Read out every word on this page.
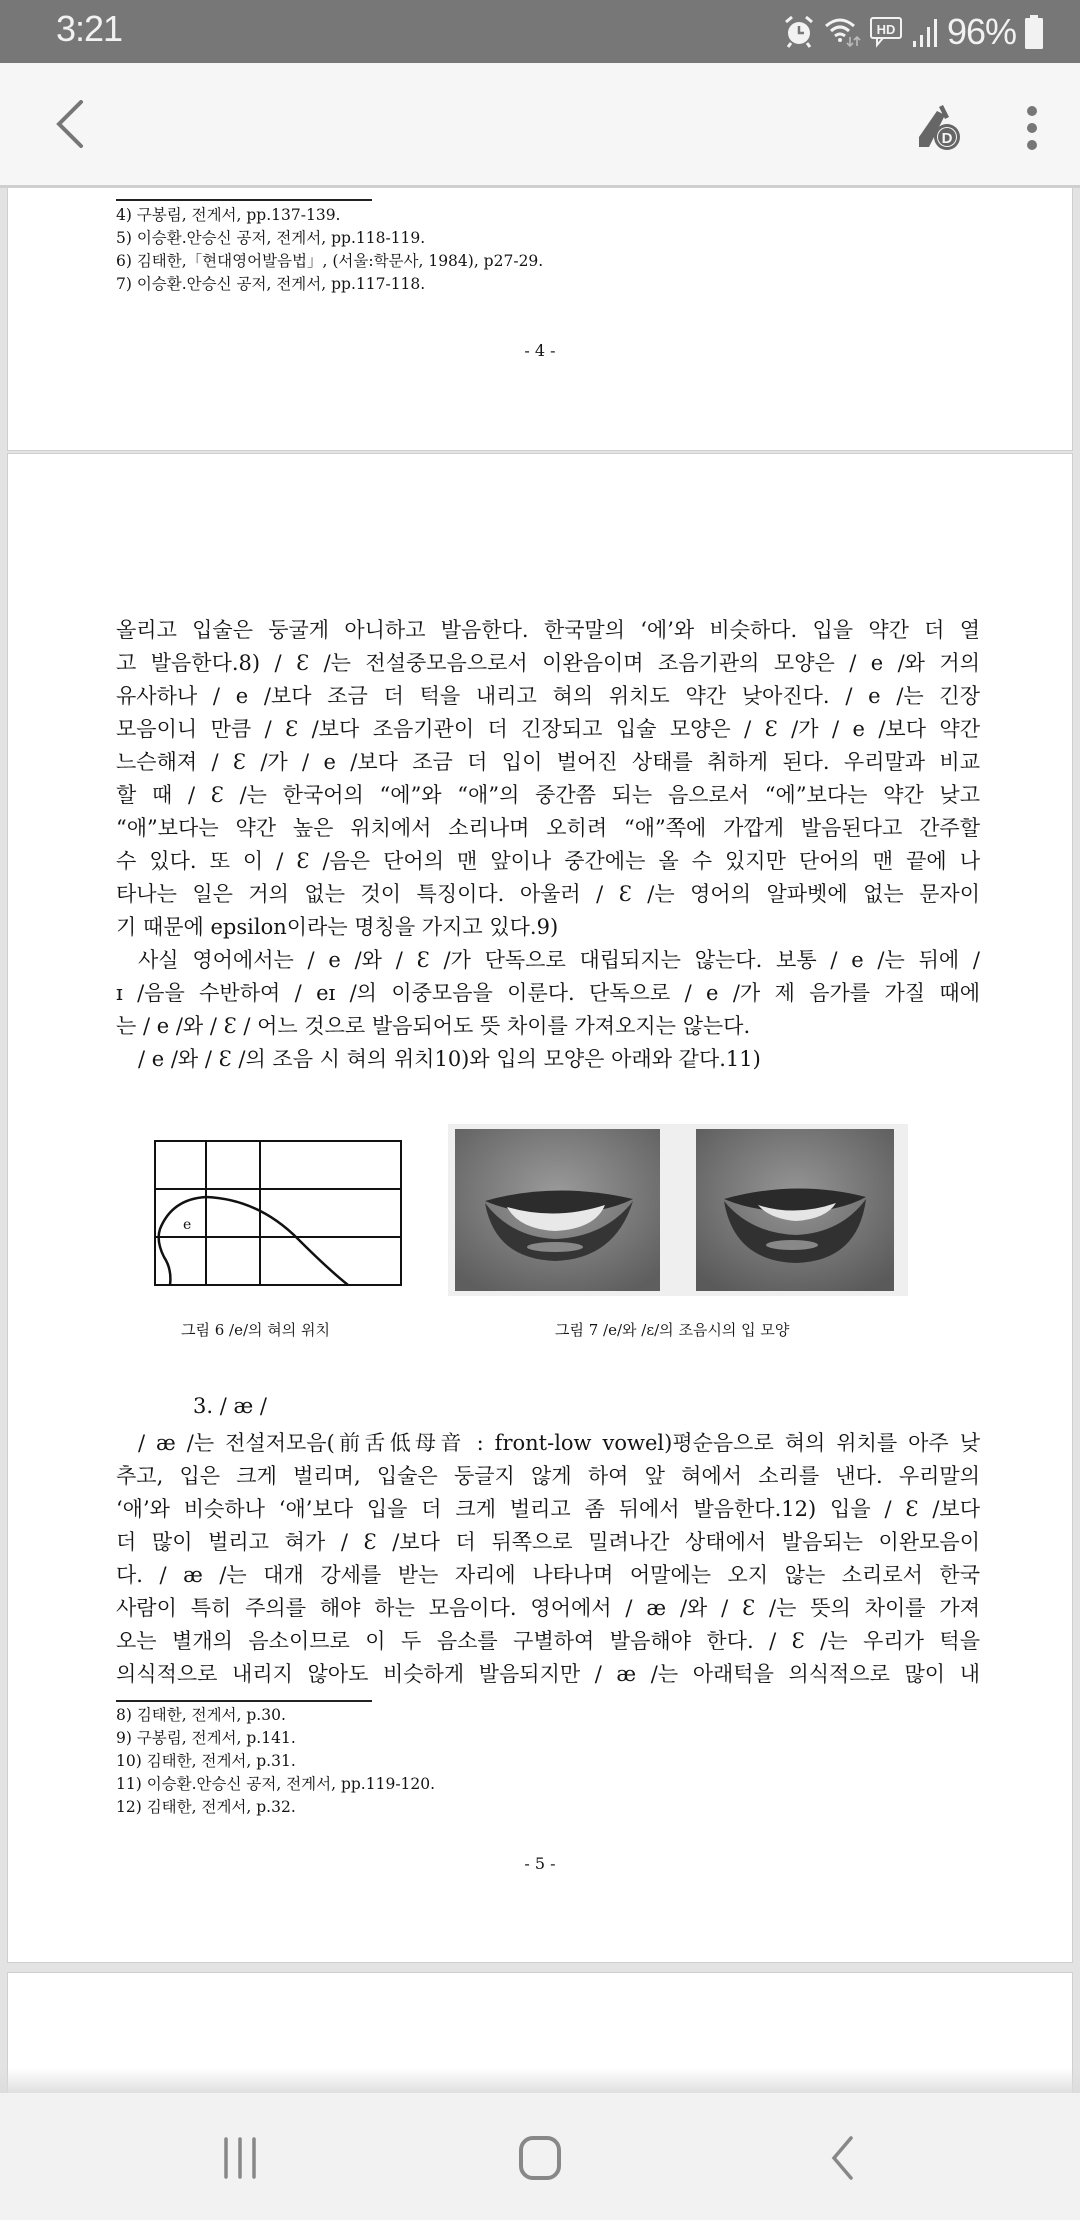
3:21	HD 96%
D
4) 구봉림, 전게서, pp.137-139.
5) 이승환.안승신 공저, 전게서, pp.118-119.
6) 김태한,「현대영어발음법」, (서울:학문사, 1984), p27-29.
7) 이승환.안승신 공저, 전게서, pp.117-118.
- 4 -

올리고 입술은 둥굴게 아니하고 발음한다. 한국말의 ‘에’와 비슷하다. 입을 약간 더 열

고 발음한다.8) / Ɛ /는 전설중모음으로서 이완음이며 조음기관의 모양은 / e /와 거의

유사하나 / e /보다 조금 더 턱을 내리고 혀의 위치도 약간 낮아진다. / e /는 긴장

모음이니 만큼 / Ɛ /보다 조음기관이 더 긴장되고 입술 모양은 / Ɛ /가 / e /보다 약간

느슨해져 / Ɛ /가 / e /보다 조금 더 입이 벌어진 상태를 취하게 된다. 우리말과 비교

할 때 / Ɛ /는 한국어의 “에”와 “애”의 중간쯤 되는 음으로서 “에”보다는 약간 낮고

“애”보다는 약간 높은 위치에서 소리나며 오히려 “애”쪽에 가깝게 발음된다고 간주할

수 있다. 또 이 / Ɛ /음은 단어의 맨 앞이나 중간에는 올 수 있지만 단어의 맨 끝에 나

타나는 일은 거의 없는 것이 특징이다. 아울러 / Ɛ /는 영어의 알파벳에 없는 문자이

기 때문에 epsilon이라는 명칭을 가지고 있다.9)

사실 영어에서는 / e /와 / Ɛ /가 단독으로 대립되지는 않는다. 보통 / e /는 뒤에 /

ɪ /음을 수반하여 / eɪ /의 이중모음을 이룬다. 단독으로 / e /가 제 음가를 가질 때에

는 / e /와 / Ɛ / 어느 것으로 발음되어도 뜻 차이를 가져오지는 않는다.

/ e /와 / Ɛ /의 조음 시 혀의 위치10)와 입의 모양은 아래와 같다.11)

e
그림 6 /e/의 혀의 위치	그림 7 /e/와 /ɛ/의 조음시의 입 모양
3. / æ /

/ æ /는 전설저모음(前舌低母音 : front-low vowel)평순음으로 혀의 위치를 아주 낮

추고, 입은 크게 벌리며, 입술은 둥글지 않게 하여 앞 혀에서 소리를 낸다. 우리말의

‘애’와 비슷하나 ‘애’보다 입을 더 크게 벌리고 좀 뒤에서 발음한다.12) 입을 / Ɛ /보다

더 많이 벌리고 혀가 / Ɛ /보다 더 뒤쪽으로 밀려나간 상태에서 발음되는 이완모음이

다. / æ /는 대개 강세를 받는 자리에 나타나며 어말에는 오지 않는 소리로서 한국

사람이 특히 주의를 해야 하는 모음이다. 영어에서 / æ /와 / Ɛ /는 뜻의 차이를 가져

오는 별개의 음소이므로 이 두 음소를 구별하여 발음해야 한다. / Ɛ /는 우리가 턱을

의식적으로 내리지 않아도 비슷하게 발음되지만 / æ /는 아래턱을 의식적으로 많이 내

8) 김태한, 전게서, p.30.
9) 구봉림, 전게서, p.141.
10) 김태한, 전게서, p.31.
11) 이승환.안승신 공저, 전게서, pp.119-120.
12) 김태한, 전게서, p.32.
- 5 -
